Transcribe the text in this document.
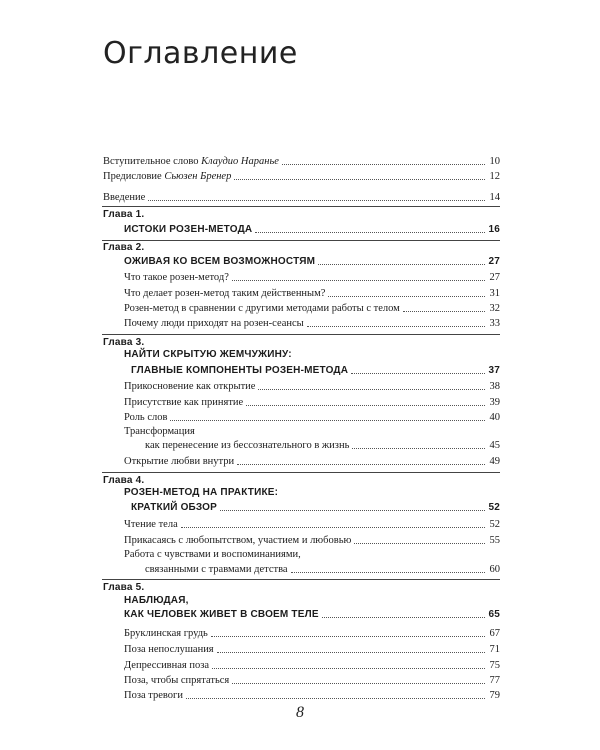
Оглавление
Вступительное слово Клаудио Наранье	10
Предисловие Сьюзен Бренер	12
Введение	14
Глава 1.
ИСТОКИ РОЗЕН-МЕТОДА	16
Глава 2.
ОЖИВАЯ КО ВСЕМ ВОЗМОЖНОСТЯМ	27
Что такое розен-метод?	27
Что делает розен-метод таким действенным?	31
Розен-метод в сравнении с другими методами работы с телом	32
Почему люди приходят на розен-сеансы	33
Глава 3.
НАЙТИ СКРЫТУЮ ЖЕМЧУЖИНУ:
ГЛАВНЫЕ КОМПОНЕНТЫ РОЗЕН-МЕТОДА	37
Прикосновение как открытие	38
Присутствие как принятие	39
Роль слов	40
Трансформация
как перенесение из бессознательного в жизнь	45
Открытие любви внутри	49
Глава 4.
РОЗЕН-МЕТОД НА ПРАКТИКЕ:
КРАТКИЙ ОБЗОР	52
Чтение тела	52
Прикасаясь с любопытством, участием и любовью	55
Работа с чувствами и воспоминаниями,
связанными с травмами детства	60
Глава 5.
НАБЛЮДАЯ,
КАК ЧЕЛОВЕК ЖИВЕТ В СВОЕМ ТЕЛЕ	65
Бруклинская грудь	67
Поза непослушания	71
Депрессивная поза	75
Поза, чтобы спрятаться	77
Поза тревоги	79
8
